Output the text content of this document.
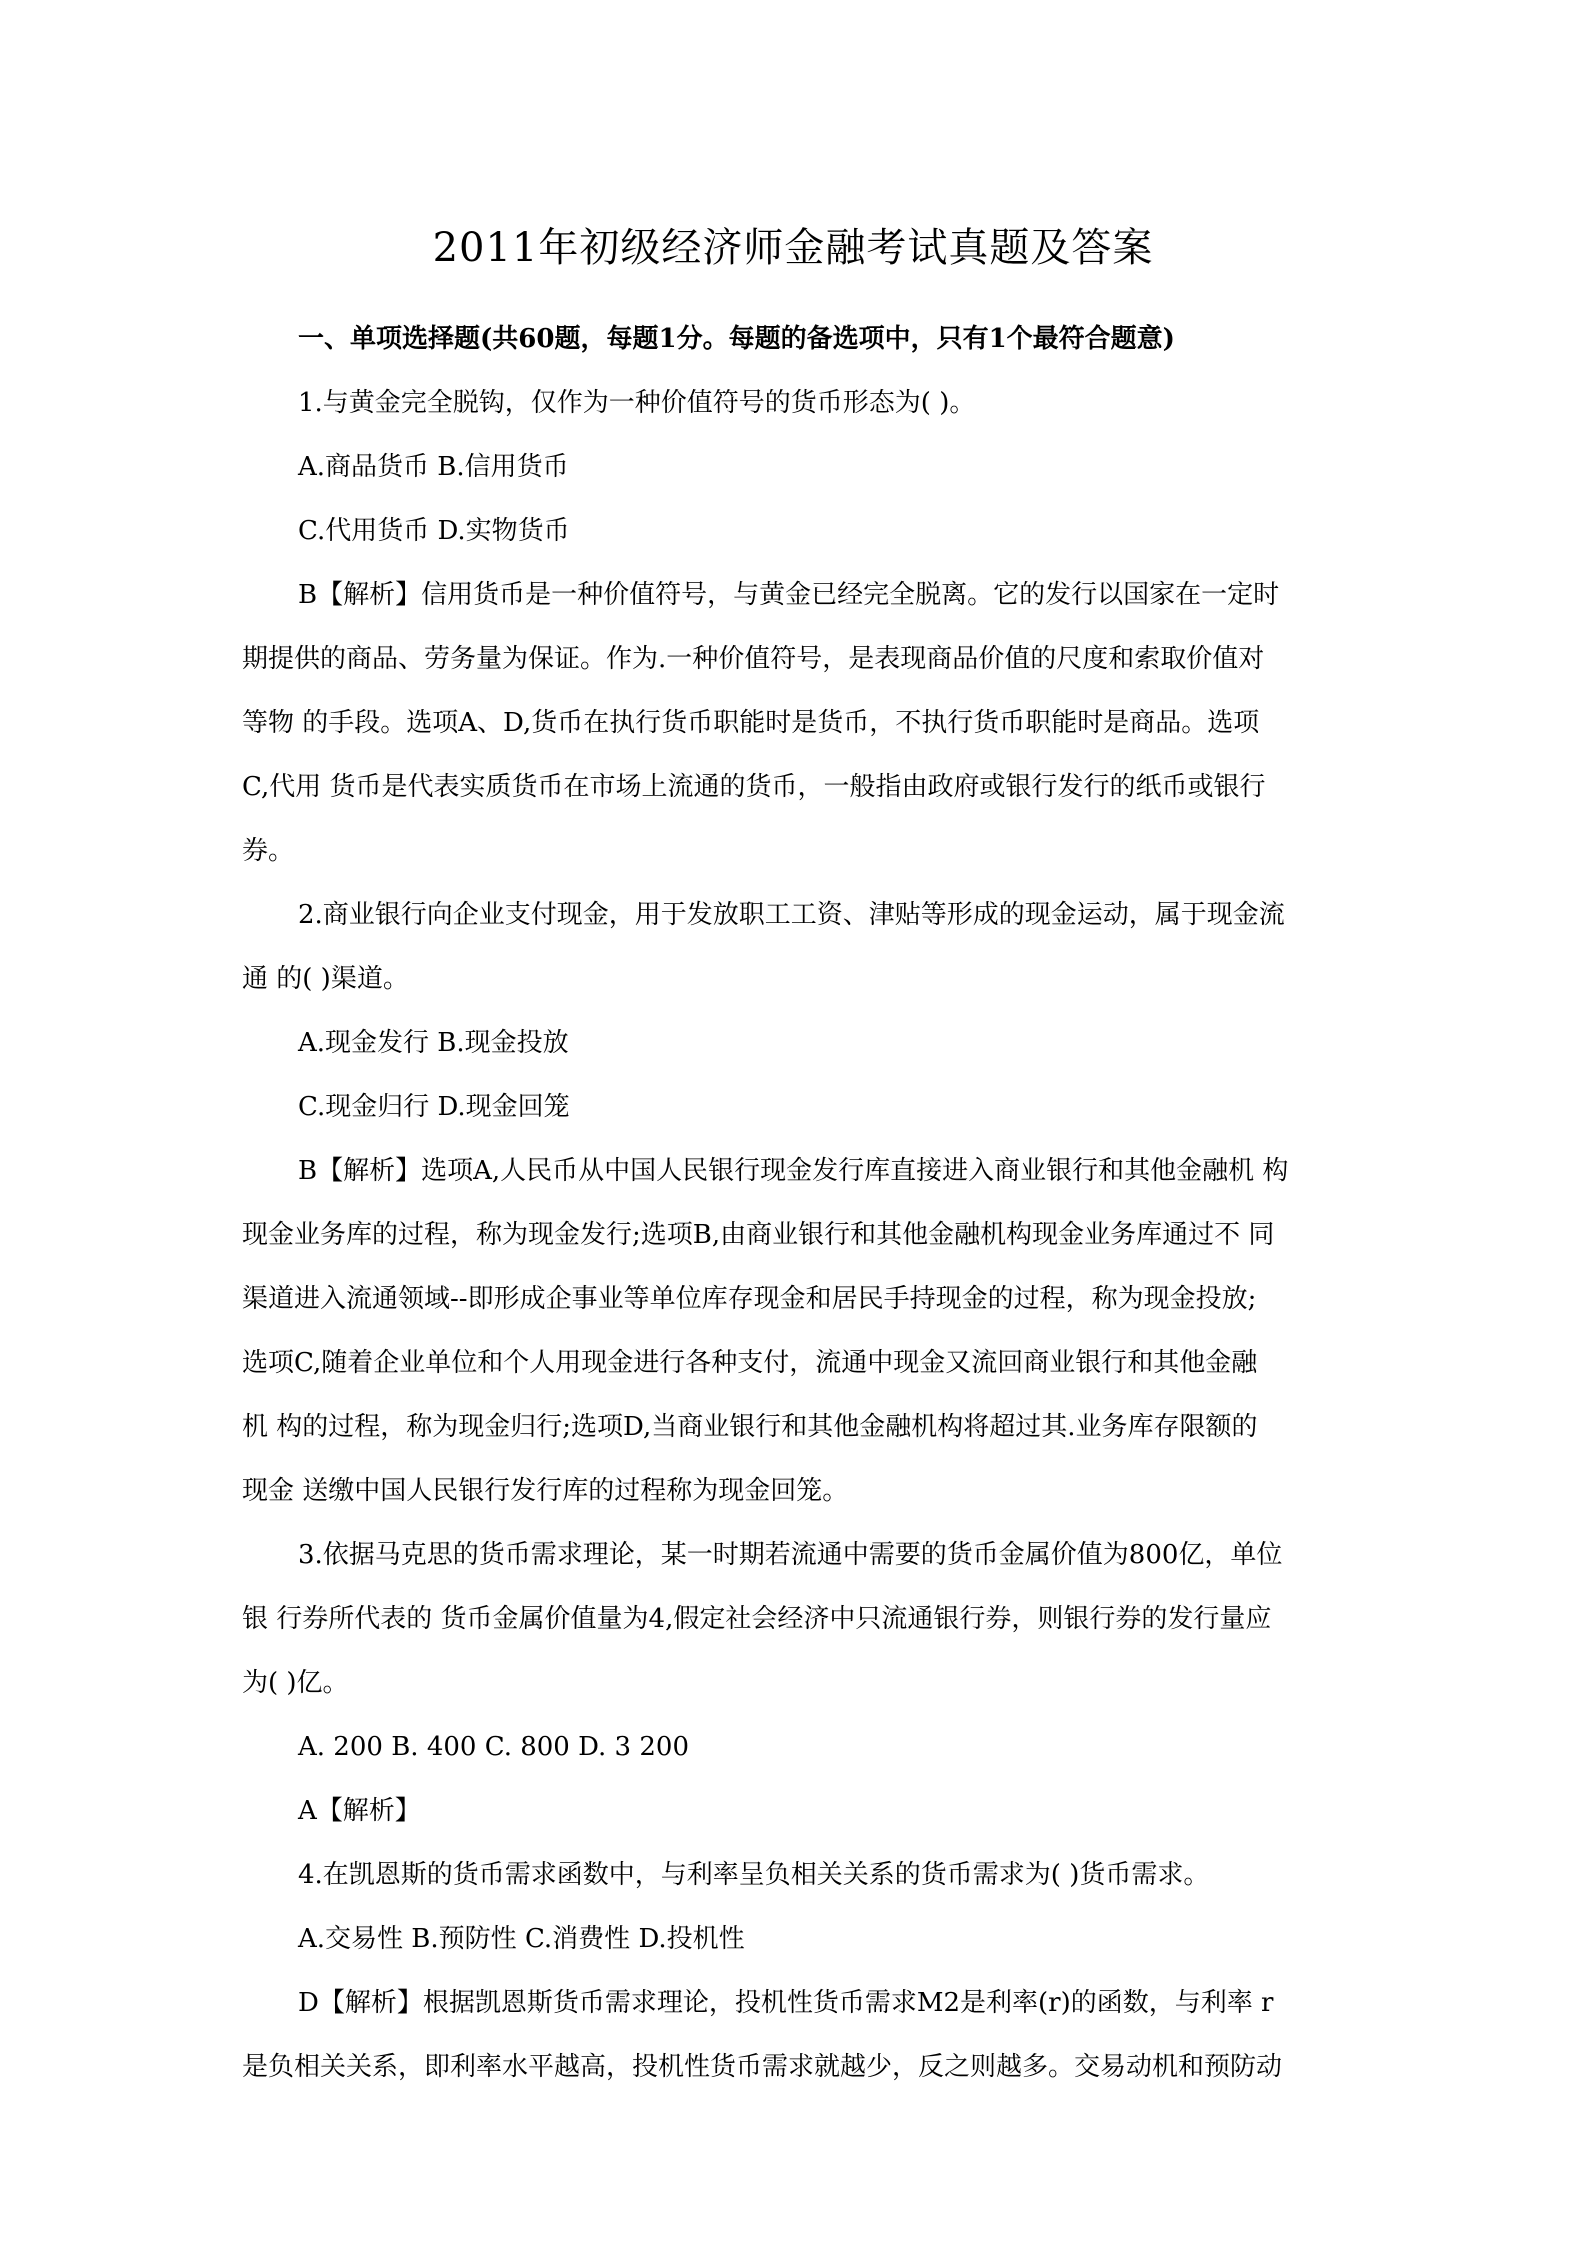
2011年初级经济师金融考试真题及答案

一、单项选择题(共60题，每题1分。每题的备选项中，只有1个最符合题意)

1.与黄金完全脱钩，仅作为一种价值符号的货币形态为( )。

A.商品货币 B.信用货币

C.代用货币 D.实物货币

B【解析】信用货币是一种价值符号，与黄金已经完全脱离。它的发行以国家在一定时

期提供的商品、劳务量为保证。作为.一种价值符号，是表现商品价值的尺度和索取价值对

等物 的手段。选项A、D,货币在执行货币职能时是货币，不执行货币职能时是商品。选项

C,代用 货币是代表实质货币在市场上流通的货币，一般指由政府或银行发行的纸币或银行

券。

2.商业银行向企业支付现金，用于发放职工工资、津贴等形成的现金运动，属于现金流

通 的( )渠道。

A.现金发行 B.现金投放

C.现金归行 D.现金回笼

B【解析】选项A,人民币从中国人民银行现金发行库直接进入商业银行和其他金融机 构

现金业务库的过程，称为现金发行;选项B,由商业银行和其他金融机构现金业务库通过不 同

渠道进入流通领域--即形成企事业等单位库存现金和居民手持现金的过程，称为现金投放;

选项C,随着企业单位和个人用现金进行各种支付，流通中现金又流回商业银行和其他金融

机 构的过程，称为现金归行;选项D,当商业银行和其他金融机构将超过其.业务库存限额的

现金 送缴中国人民银行发行库的过程称为现金回笼。

3.依据马克思的货币需求理论，某一时期若流通中需要的货币金属价值为800亿，单位

银 行券所代表的 货币金属价值量为4,假定社会经济中只流通银行券，则银行券的发行量应

为( )亿。

A. 200 B. 400 C. 800 D. 3 200

A【解析】

4.在凯恩斯的货币需求函数中，与利率呈负相关关系的货币需求为( )货币需求。

A.交易性 B.预防性 C.消费性 D.投机性

D【解析】根据凯恩斯货币需求理论，投机性货币需求M2是利率(r)的函数，与利率 r

是负相关关系，即利率水平越高，投机性货币需求就越少，反之则越多。交易动机和预防动
